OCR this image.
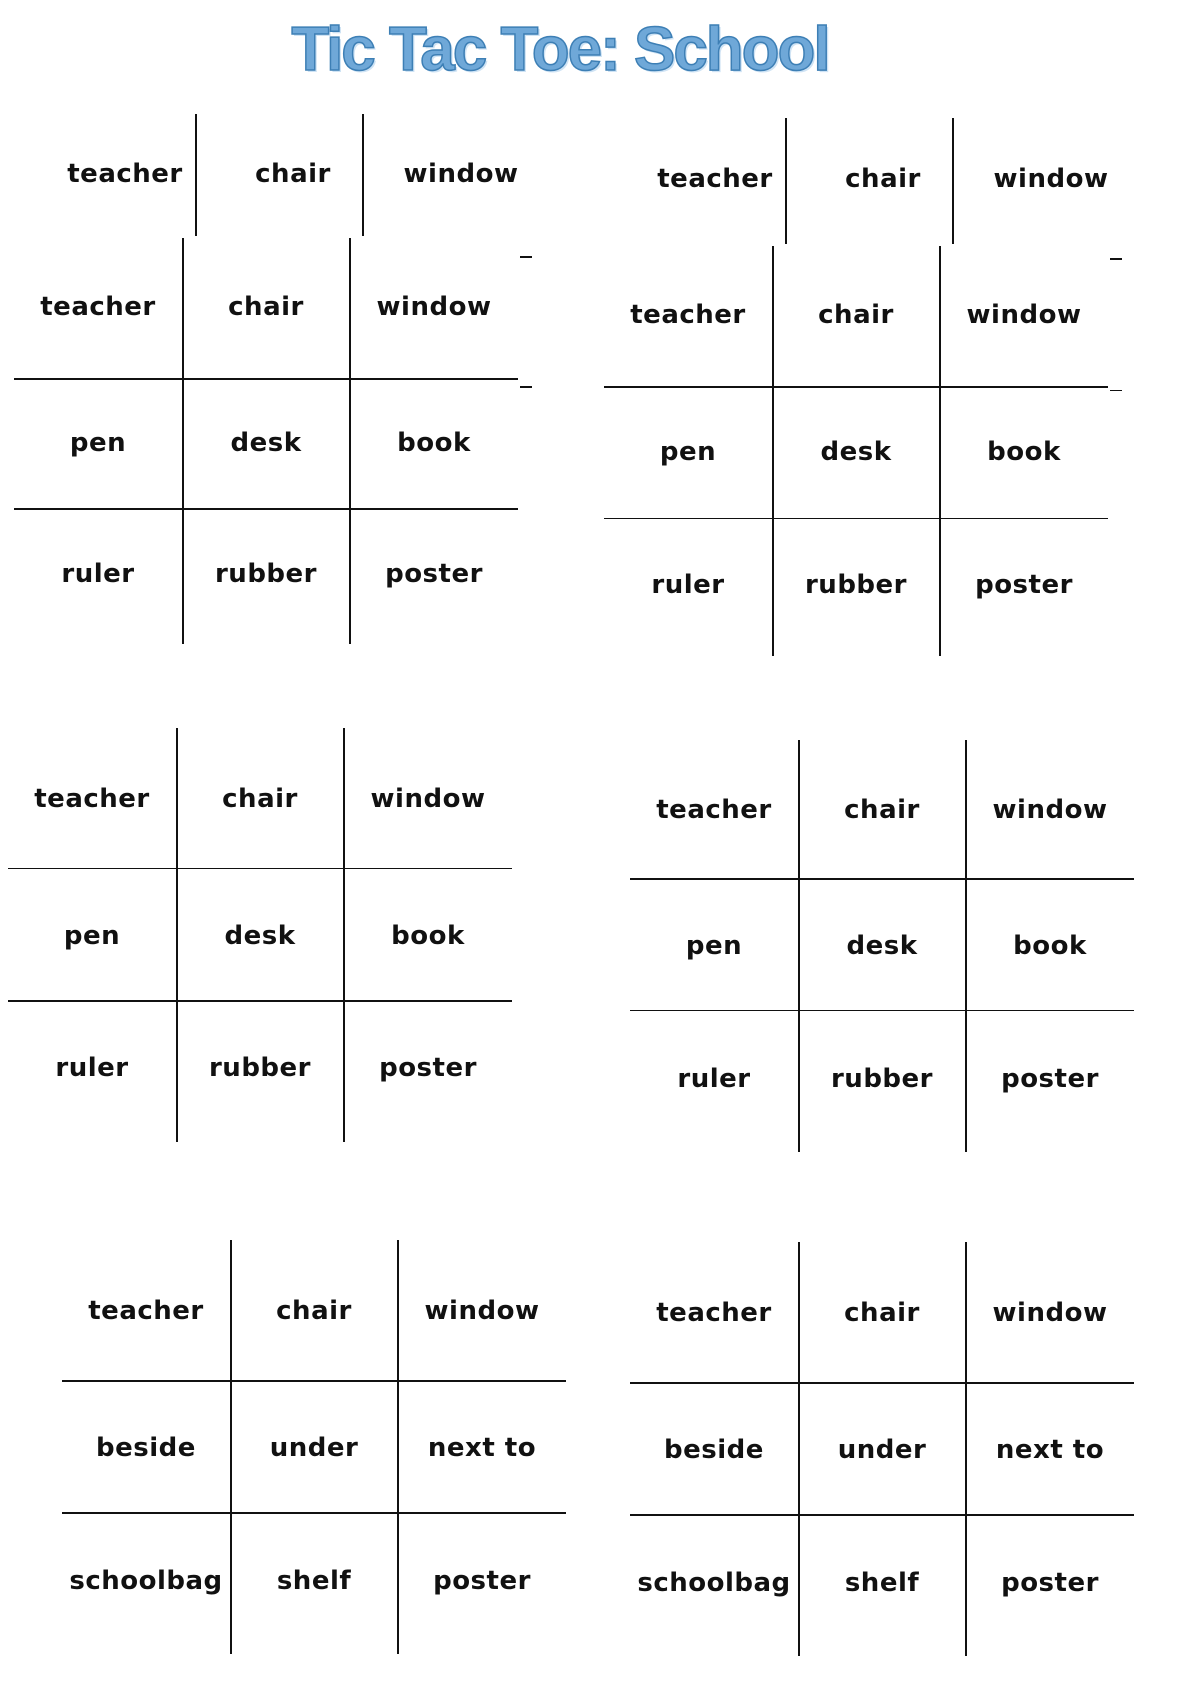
Tic Tac Toe: School
teacher	chair	window
teacher	chair	window
pen	desk	book
ruler	rubber	poster
teacher	chair	window
teacher	chair	window
pen	desk	book
ruler	rubber	poster
teacher	chair	window
pen	desk	book
ruler	rubber	poster
teacher	chair	window
pen	desk	book
ruler	rubber	poster
teacher	chair	window
beside	under	next to
schoolbag	shelf	poster
teacher	chair	window
beside	under	next to
schoolbag	shelf	poster
